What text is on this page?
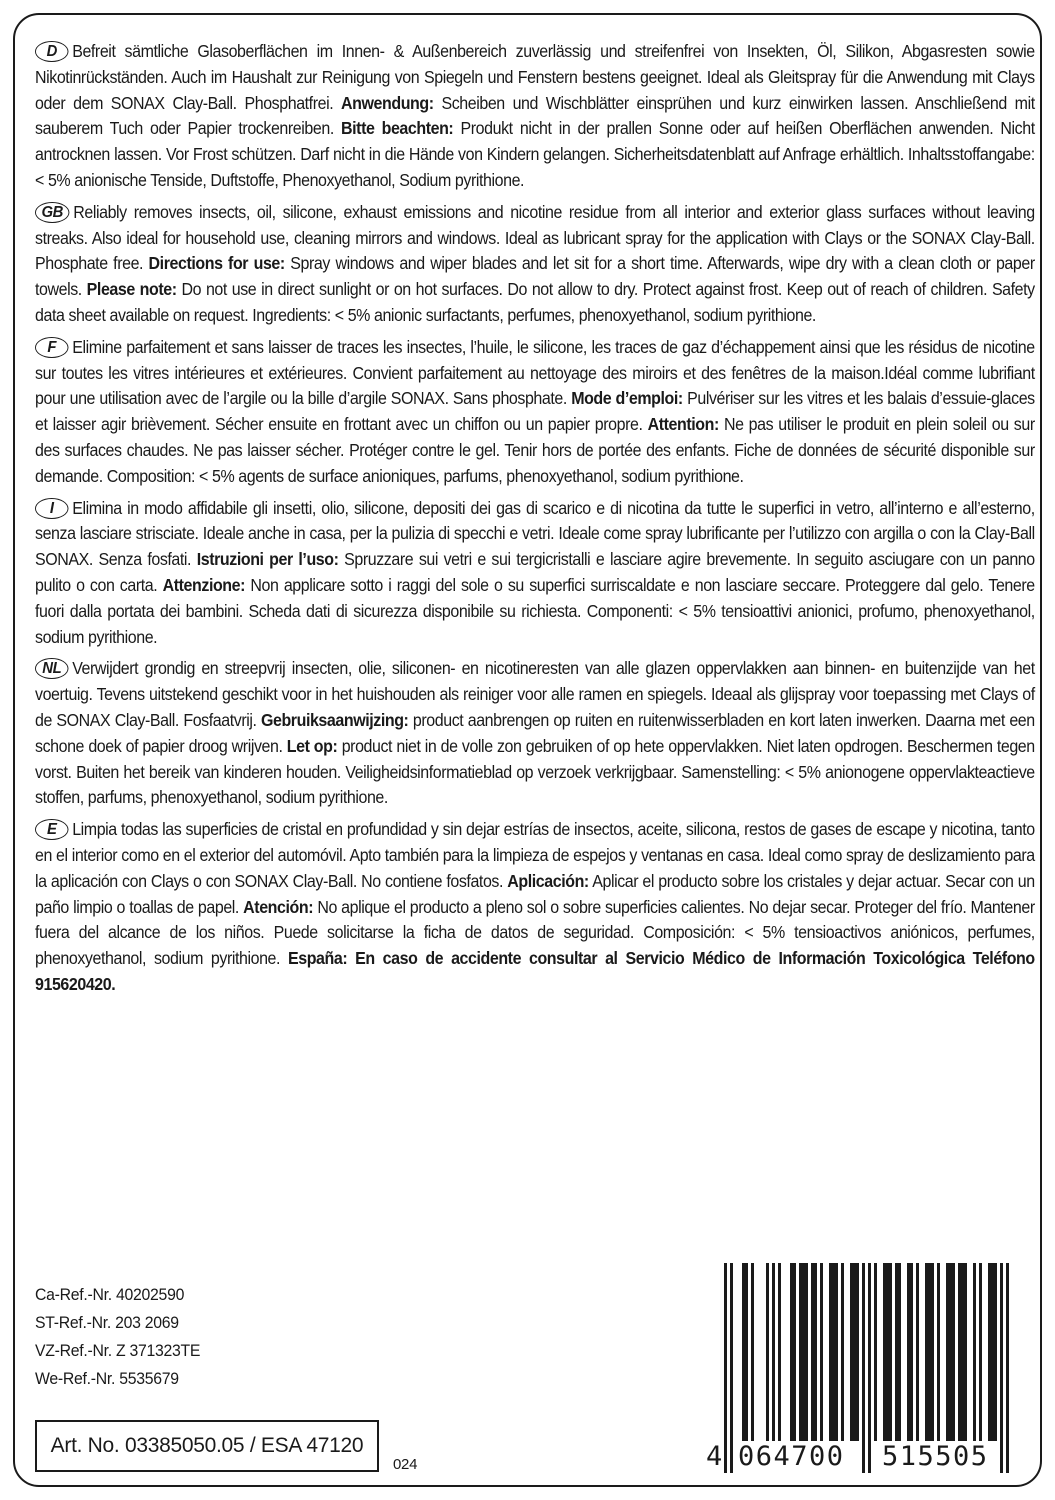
D Befreit sämtliche Glasoberflächen im Innen- & Außenbereich zuverlässig und streifenfrei von Insekten, Öl, Silikon, Abgasresten sowie Nikotinrückständen. Auch im Haushalt zur Reinigung von Spiegeln und Fenstern bestens geeignet. Ideal als Gleitspray für die Anwendung mit Clays oder dem SONAX Clay-Ball. Phosphatfrei. Anwendung: Scheiben und Wischblätter einsprühen und kurz einwirken lassen. Anschließend mit sauberem Tuch oder Papier trockenreiben. Bitte beachten: Produkt nicht in der prallen Sonne oder auf heißen Oberflächen anwenden. Nicht antrocknen lassen. Vor Frost schützen. Darf nicht in die Hände von Kindern gelangen. Sicherheitsdatenblatt auf Anfrage erhältlich. Inhaltsstoffangabe: < 5% anionische Tenside, Duftstoffe, Phenoxyethanol, Sodium pyrithione.
GB Reliably removes insects, oil, silicone, exhaust emissions and nicotine residue from all interior and exterior glass surfaces without leaving streaks. Also ideal for household use, cleaning mirrors and windows. Ideal as lubricant spray for the application with Clays or the SONAX Clay-Ball. Phosphate free. Directions for use: Spray windows and wiper blades and let sit for a short time. Afterwards, wipe dry with a clean cloth or paper towels. Please note: Do not use in direct sunlight or on hot surfaces. Do not allow to dry. Protect against frost. Keep out of reach of children. Safety data sheet available on request. Ingredients: < 5% anionic surfactants, perfumes, phenoxyethanol, sodium pyrithione.
F Elimine parfaitement et sans laisser de traces les insectes, l’huile, le silicone, les traces de gaz d’échappement ainsi que les résidus de nicotine sur toutes les vitres intérieures et extérieures. Convient parfaitement au nettoyage des miroirs et des fenêtres de la maison.Idéal comme lubrifiant pour une utilisation avec de l’argile ou la bille d’argile SONAX. Sans phosphate. Mode d’emploi: Pulvériser sur les vitres et les balais d’essuie-glaces et laisser agir brièvement. Sécher ensuite en frottant avec un chiffon ou un papier propre. Attention: Ne pas utiliser le produit en plein soleil ou sur des surfaces chaudes. Ne pas laisser sécher. Protéger contre le gel. Tenir hors de portée des enfants. Fiche de données de sécurité disponible sur demande. Composition: < 5% agents de surface anioniques, parfums, phenoxyethanol, sodium pyrithione.
I Elimina in modo affidabile gli insetti, olio, silicone, depositi dei gas di scarico e di nicotina da tutte le superfici in vetro, all’interno e all’esterno, senza lasciare strisciate. Ideale anche in casa, per la pulizia di specchi e vetri. Ideale come spray lubrificante per l’utilizzo con argilla o con la Clay-Ball SONAX. Senza fosfati. Istruzioni per l’uso: Spruzzare sui vetri e sui tergicristalli e lasciare agire brevemente. In seguito asciugare con un panno pulito o con carta. Attenzione: Non applicare sotto i raggi del sole o su superfici surriscaldate e non lasciare seccare. Proteggere dal gelo. Tenere fuori dalla portata dei bambini. Scheda dati di sicurezza disponibile su richiesta. Componenti: < 5% tensioattivi anionici, profumo, phenoxyethanol, sodium pyrithione.
NL Verwijdert grondig en streepvrij insecten, olie, siliconen- en nicotineresten van alle glazen oppervlakken aan binnen- en buitenzijde van het voertuig. Tevens uitstekend geschikt voor in het huishouden als reiniger voor alle ramen en spiegels. Ideaal als glijspray voor toepassing met Clays of de SONAX Clay-Ball. Fosfaatvrij. Gebruiksaanwijzing: product aanbrengen op ruiten en ruitenwisserbladen en kort laten inwerken. Daarna met een schone doek of papier droog wrijven. Let op: product niet in de volle zon gebruiken of op hete oppervlakken. Niet laten opdrogen. Beschermen tegen vorst. Buiten het bereik van kinderen houden. Veiligheidsinformatieblad op verzoek verkrijgbaar. Samenstelling: < 5% anionogene oppervlakteactieve stoffen, parfums, phenoxyethanol, sodium pyrithione.
E Limpia todas las superficies de cristal en profundidad y sin dejar estrías de insectos, aceite, silicona, restos de gases de escape y nicotina, tanto en el interior como en el exterior del automóvil. Apto también para la limpieza de espejos y ventanas en casa. Ideal como spray de deslizamiento para la aplicación con Clays o con SONAX Clay-Ball. No contiene fosfatos. Aplicación: Aplicar el producto sobre los cristales y dejar actuar. Secar con un paño limpio o toallas de papel. Atención: No aplique el producto a pleno sol o sobre superficies calientes. No dejar secar. Proteger del frío. Mantener fuera del alcance de los niños. Puede solicitarse la ficha de datos de seguridad. Composición: < 5% tensioactivos aniónicos, perfumes, phenoxyethanol, sodium pyrithione. España: En caso de accidente consultar al Servicio Médico de Información Toxicológica Teléfono 915620420.
Ca-Ref.-Nr. 40202590
ST-Ref.-Nr. 203 2069
VZ-Ref.-Nr. Z 371323TE
We-Ref.-Nr. 5535679
Art. No. 03385050.05 / ESA 47120
024	4 064700 515505
